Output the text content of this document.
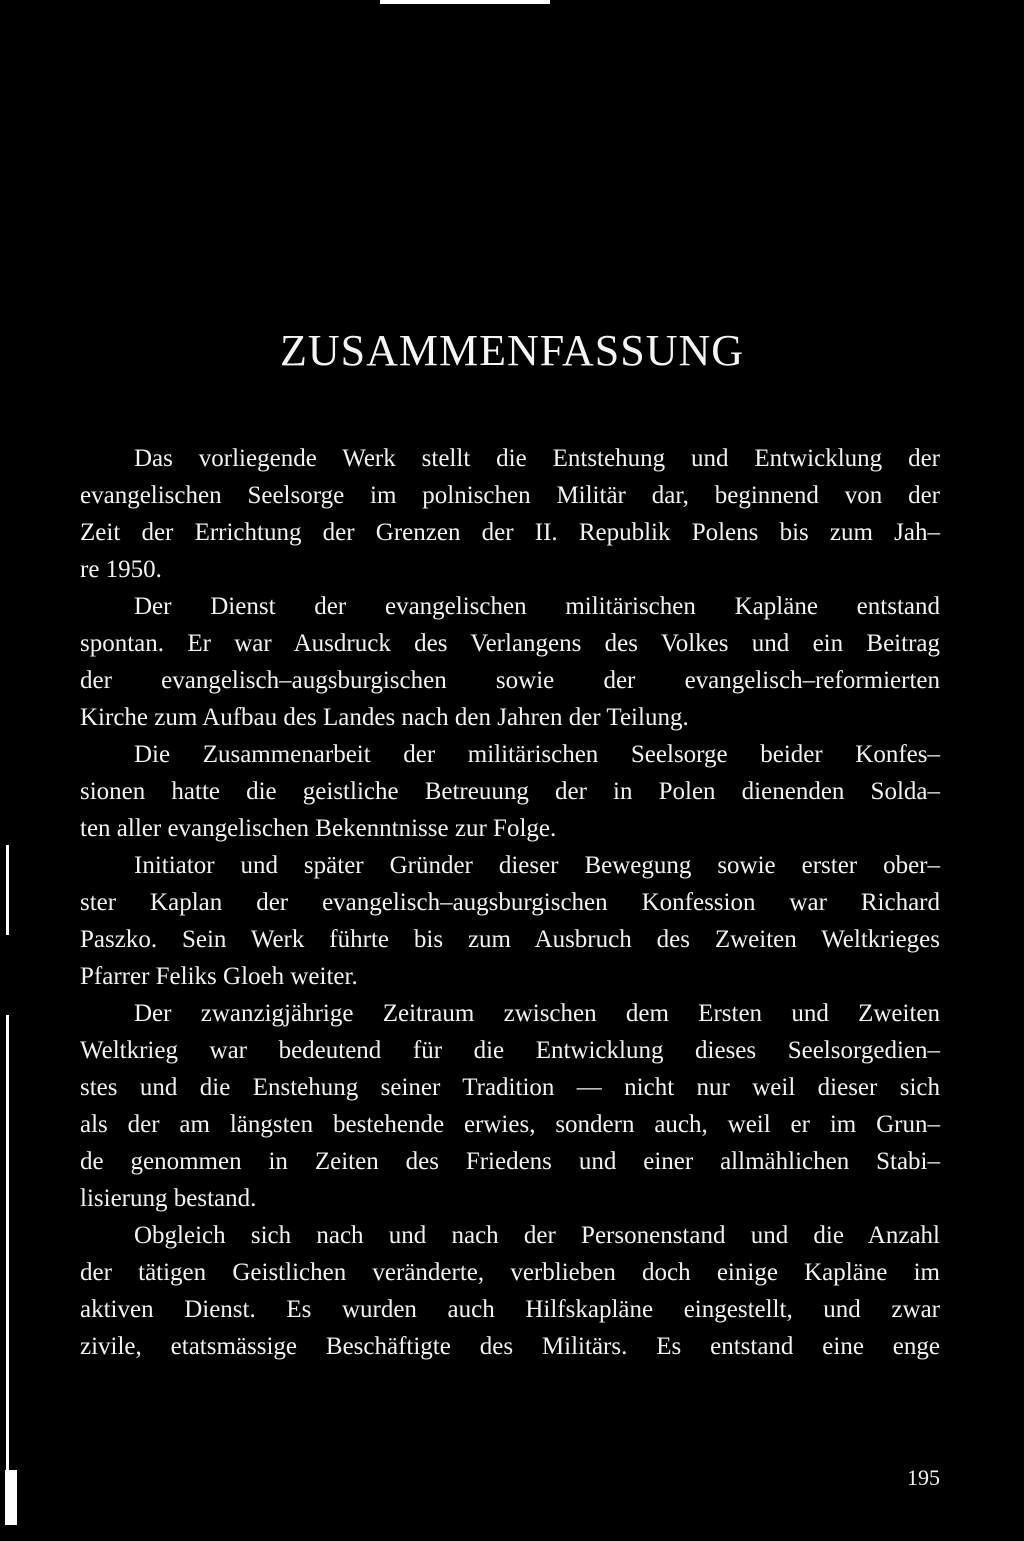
ZUSAMMENFASSUNG
Das vorliegende Werk stellt die Entstehung und Entwicklung der
evangelischen Seelsorge im polnischen Militär dar, beginnend von der
Zeit der Errichtung der Grenzen der II. Republik Polens bis zum Jah–
re 1950.
Der Dienst der evangelischen militärischen Kapläne entstand
spontan. Er war Ausdruck des Verlangens des Volkes und ein Beitrag
der evangelisch–augsburgischen sowie der evangelisch–reformierten
Kirche zum Aufbau des Landes nach den Jahren der Teilung.
Die Zusammenarbeit der militärischen Seelsorge beider Konfes–
sionen hatte die geistliche Betreuung der in Polen dienenden Solda–
ten aller evangelischen Bekenntnisse zur Folge.
Initiator und später Gründer dieser Bewegung sowie erster ober–
ster Kaplan der evangelisch–augsburgischen Konfession war Richard
Paszko. Sein Werk führte bis zum Ausbruch des Zweiten Weltkrieges
Pfarrer Feliks Gloeh weiter.
Der zwanzigjährige Zeitraum zwischen dem Ersten und Zweiten
Weltkrieg war bedeutend für die Entwicklung dieses Seelsorgedien–
stes und die Enstehung seiner Tradition — nicht nur weil dieser sich
als der am längsten bestehende erwies, sondern auch, weil er im Grun–
de genommen in Zeiten des Friedens und einer allmählichen Stabi–
lisierung bestand.
Obgleich sich nach und nach der Personenstand und die Anzahl
der tätigen Geistlichen veränderte, verblieben doch einige Kapläne im
aktiven Dienst. Es wurden auch Hilfskapläne eingestellt, und zwar
zivile, etatsmässige Beschäftigte des Militärs. Es entstand eine enge
195
